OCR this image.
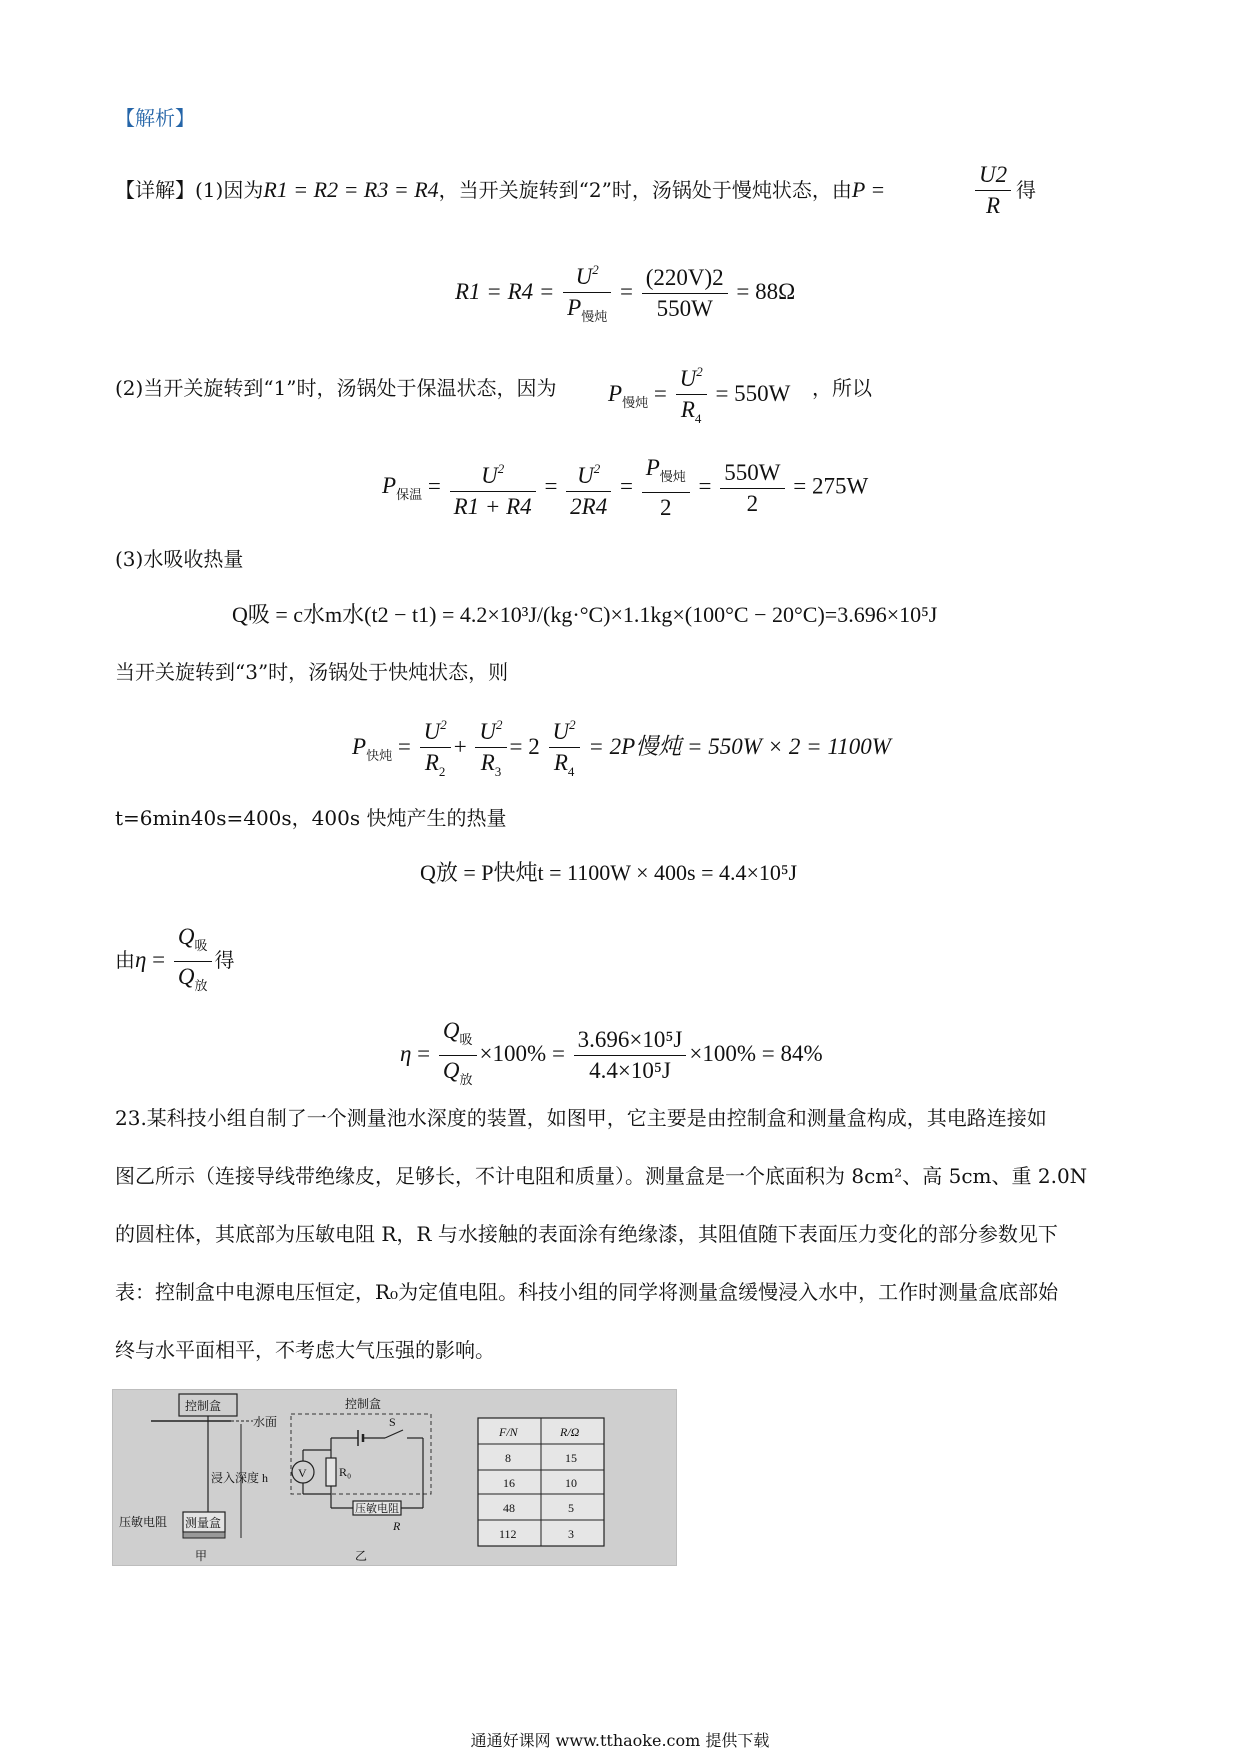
【解析】
【详解】(1)因为R1 = R2 = R3 = R4，当开关旋转到“2”时，汤锅处于慢炖状态，由P =	$\frac{U2}{R}$ 得
$R1 = R4 = \frac{U^2}{P_{慢炖}} = \frac{(220V)2}{550W} = 88\Omega$
(2)当开关旋转到“1”时，汤锅处于保温状态，因为 $P_{慢炖} = \frac{U^2}{R_4} = 550W$ ，所以
$P_{保温} = \frac{U^2}{R1 + R4} = \frac{U^2}{2R4} = \frac{P_{慢炖}}{2} = \frac{550W}{2} = 275W$
(3)水吸收热量
Q吸 = c水m水(t2 − t1) = 4.2×10³J/(kg·°C)×1.1kg×(100°C − 20°C)=3.696×10⁵J
当开关旋转到“3”时，汤锅处于快炖状态，则
$P_{快炖} = \frac{U^2}{R_2} + \frac{U^2}{R_3} = 2 \frac{U^2}{R_4} = 2P$慢炖 = 550W × 2 = 1100W
t=6min40s=400s，400s 快炖产生的热量
Q放 = P快炖t = 1100W × 400s = 4.4×10⁵J
由$\eta = \frac{Q_吸}{Q_放}$ 得
$\eta = \frac{Q_吸}{Q_放} \times 100\% = \frac{\text{3.696×10⁵J}}{\text{4.4×10⁵J}} \times 100\% = 84\%$
23.某科技小组自制了一个测量池水深度的装置，如图甲，它主要是由控制盒和测量盒构成，其电路连接如
图乙所示（连接导线带绝缘皮，足够长，不计电阻和质量）。测量盒是一个底面积为 8cm²、高 5cm、重 2.0N
的圆柱体，其底部为压敏电阻 R，R 与水接触的表面涂有绝缘漆，其阻值随下表面压力变化的部分参数见下
表：控制盒中电源电压恒定，R₀为定值电阻。科技小组的同学将测量盒缓慢浸入水中，工作时测量盒底部始
终与水平面相平，不考虑大气压强的影响。
控制盒
水面
浸入深度 h
测量盒
压敏电阻
甲
控制盒
S
V	R₀
压敏电阻
R
乙
F/N	R/Ω
8	15
16	10
48	5
112	3
通通好课网 www.tthaoke.com 提供下载
